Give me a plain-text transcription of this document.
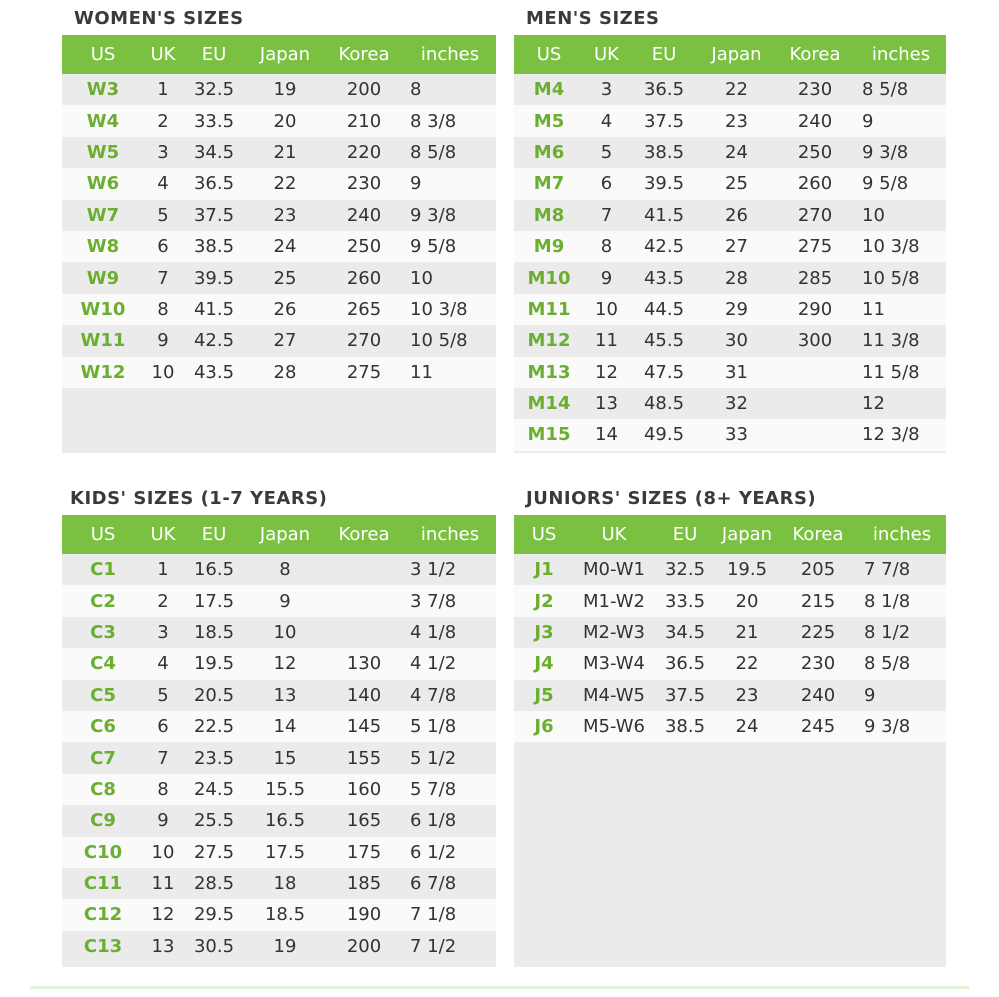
WOMEN'S SIZES
US	UK	EU	Japan	Korea	inches
W3	1	32.5	19	200	8
W4	2	33.5	20	210	8 3/8
W5	3	34.5	21	220	8 5/8
W6	4	36.5	22	230	9
W7	5	37.5	23	240	9 3/8
W8	6	38.5	24	250	9 5/8
W9	7	39.5	25	260	10
W10	8	41.5	26	265	10 3/8
W11	9	42.5	27	270	10 5/8
W12	10	43.5	28	275	11
MEN'S SIZES
US	UK	EU	Japan	Korea	inches
M4	3	36.5	22	230	8 5/8
M5	4	37.5	23	240	9
M6	5	38.5	24	250	9 3/8
M7	6	39.5	25	260	9 5/8
M8	7	41.5	26	270	10
M9	8	42.5	27	275	10 3/8
M10	9	43.5	28	285	10 5/8
M11	10	44.5	29	290	11
M12	11	45.5	30	300	11 3/8
M13	12	47.5	31		11 5/8
M14	13	48.5	32		12
M15	14	49.5	33		12 3/8
KIDS' SIZES (1-7 YEARS)
US	UK	EU	Japan	Korea	inches
C1	1	16.5	8		3 1/2
C2	2	17.5	9		3 7/8
C3	3	18.5	10		4 1/8
C4	4	19.5	12	130	4 1/2
C5	5	20.5	13	140	4 7/8
C6	6	22.5	14	145	5 1/8
C7	7	23.5	15	155	5 1/2
C8	8	24.5	15.5	160	5 7/8
C9	9	25.5	16.5	165	6 1/8
C10	10	27.5	17.5	175	6 1/2
C11	11	28.5	18	185	6 7/8
C12	12	29.5	18.5	190	7 1/8
C13	13	30.5	19	200	7 1/2
JUNIORS' SIZES (8+ YEARS)
US	UK	EU	Japan	Korea	inches
J1	M0-W1	32.5	19.5	205	7 7/8
J2	M1-W2	33.5	20	215	8 1/8
J3	M2-W3	34.5	21	225	8 1/2
J4	M3-W4	36.5	22	230	8 5/8
J5	M4-W5	37.5	23	240	9
J6	M5-W6	38.5	24	245	9 3/8
